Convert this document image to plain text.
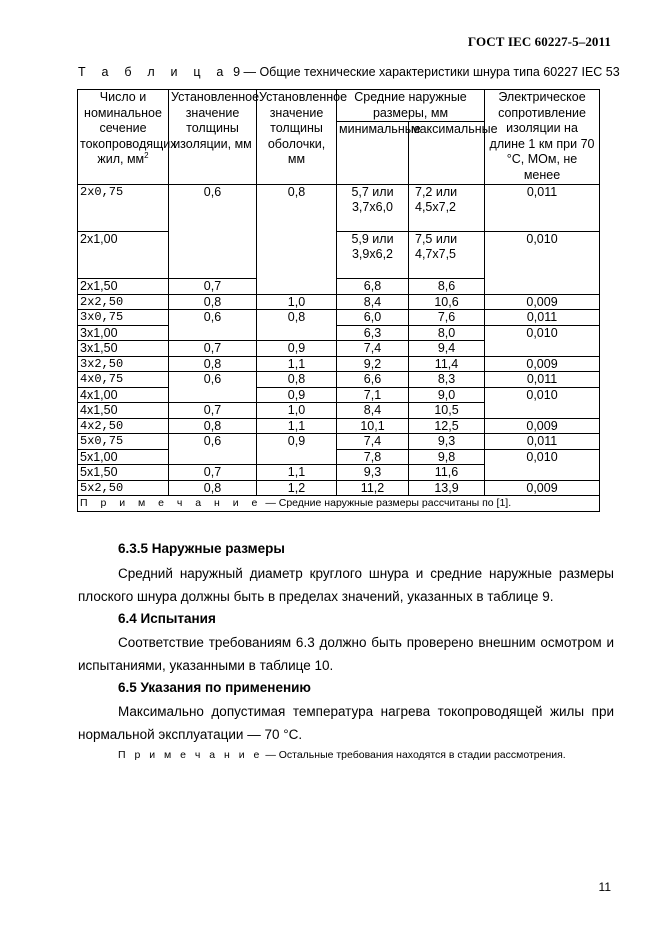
ГОСТ IEC 60227-5–2011
Т а б л и ц а 9 — Общие технические характеристики шнура типа 60227 IEC 53
Число и номинальное сечение токопроводящих жил, $мм^2$	Установленное значение толщины изоляции, мм	Установленное значение толщины оболочки, мм	Средние наружные размеры, мм		Электрическое сопротивление изоляции на длине 1 км при 70 °С, МОм, не менее
			минимальные	максимальные	
2x0,75	0,6	0,8	5,7 или 3,7x6,0	7,2 или 4,5x7,2	0,011
2x1,00			5,9 или 3,9x6,2	7,5 или 4,7x7,5	0,010
2x1,50	0,7		6,8	8,6	
2x2,50	0,8	1,0	8,4	10,6	0,009
3x0,75	0,6	0,8	6,0	7,6	0,011
3x1,00			6,3	8,0	0,010
3x1,50	0,7	0,9	7,4	9,4	
3x2,50	0,8	1,1	9,2	11,4	0,009
4x0,75	0,6	0,8	6,6	8,3	0,011
4x1,00		0,9	7,1	9,0	0,010
4x1,50	0,7	1,0	8,4	10,5	
4x2,50	0,8	1,1	10,1	12,5	0,009
5x0,75	0,6	0,9	7,4	9,3	0,011
5x1,00			7,8	9,8	0,010
5x1,50	0,7	1,1	9,3	11,6	
5x2,50	0,8	1,2	11,2	13,9	0,009
П р и м е ч а н и е — Средние наружные размеры рассчитаны по [1].					
6.3.5 Наружные размеры
Средний наружный диаметр круглого шнура и средние наружные размеры
плоского шнура должны быть в пределах значений, указанных в таблице 9.
6.4 Испытания
Соответствие требованиям 6.3 должно быть проверено внешним осмотром и
испытаниями, указанными в таблице 10.
6.5 Указания по применению
Максимально допустимая температура нагрева токопроводящей жилы при
нормальной эксплуатации — 70 °С.
П р и м е ч а н и е — Остальные требования находятся в стадии рассмотрения.
11
